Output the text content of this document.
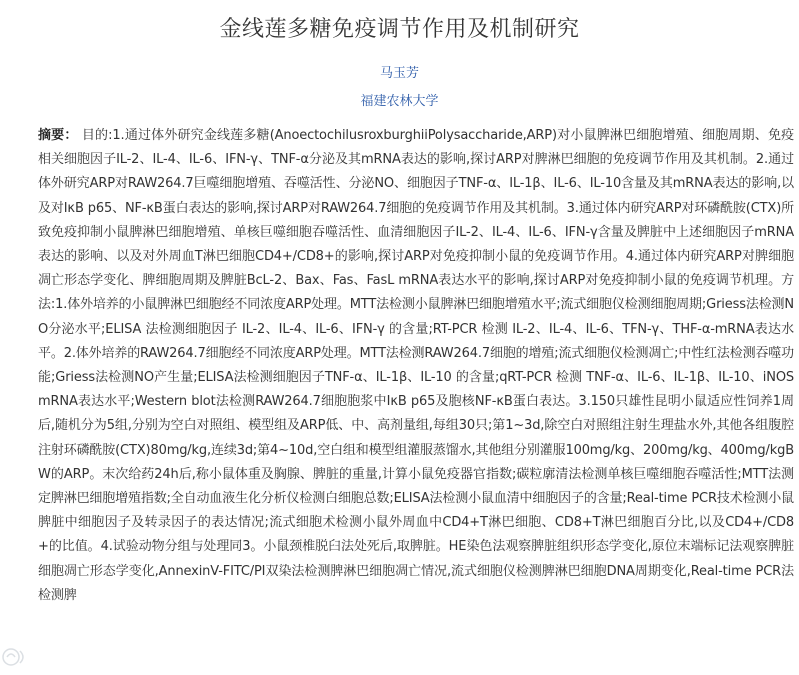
金线莲多糖免疫调节作用及机制研究
马玉芳
福建农林大学
摘要： 目的:1.通过体外研究金线莲多糖(AnoectochilusroxburghiiPolysaccharide,ARP)对小鼠脾淋巴细胞增殖、细胞周期、免疫相关细胞因子IL-2、IL-4、IL-6、IFN-γ、TNF-α分泌及其mRNA表达的影响,探讨ARP对脾淋巴细胞的免疫调节作用及其机制。2.通过体外研究ARP对RAW264.7巨噬细胞增殖、吞噬活性、分泌NO、细胞因子TNF-α、IL-1β、IL-6、IL-10含量及其mRNA表达的影响,以及对IκB p65、NF-κB蛋白表达的影响,探讨ARP对RAW264.7细胞的免疫调节作用及其机制。3.通过体内研究ARP对环磷酰胺(CTX)所致免疫抑制小鼠脾淋巴细胞增殖、单核巨噬细胞吞噬活性、血清细胞因子IL-2、IL-4、IL-6、IFN-γ含量及脾脏中上述细胞因子mRNA表达的影响、以及对外周血T淋巴细胞CD4+/CD8+的影响,探讨ARP对免疫抑制小鼠的免疫调节作用。4.通过体内研究ARP对脾细胞凋亡形态学变化、脾细胞周期及脾脏BcL-2、Bax、Fas、FasL mRNA表达水平的影响,探讨ARP对免疫抑制小鼠的免疫调节机理。方法:1.体外培养的小鼠脾淋巴细胞经不同浓度ARP处理。MTT法检测小鼠脾淋巴细胞增殖水平;流式细胞仪检测细胞周期;Griess法检测NO分泌水平;ELISA 法检测细胞因子 IL-2、IL-4、IL-6、IFN-γ 的含量;RT-PCR 检测 IL-2、IL-4、IL-6、TFN-γ、THF-α-mRNA表达水平。2.体外培养的RAW264.7细胞经不同浓度ARP处理。MTT法检测RAW264.7细胞的增殖;流式细胞仪检测凋亡;中性红法检测吞噬功能;Griess法检测NO产生量;ELISA法检测细胞因子TNF-α、IL-1β、IL-10 的含量;qRT-PCR 检测 TNF-α、IL-6、IL-1β、IL-10、iNOS mRNA表达水平;Western blot法检测RAW264.7细胞胞浆中IκB p65及胞核NF-κB蛋白表达。3.150只雄性昆明小鼠适应性饲养1周后,随机分为5组,分别为空白对照组、模型组及ARP低、中、高剂量组,每组30只;第1~3d,除空白对照组注射生理盐水外,其他各组腹腔注射环磷酰胺(CTX)80mg/kg,连续3d;第4~10d,空白组和模型组灌服蒸馏水,其他组分别灌服100mg/kg、200mg/kg、400mg/kgBW的ARP。末次给药24h后,称小鼠体重及胸腺、脾脏的重量,计算小鼠免疫器官指数;碳粒廓清法检测单核巨噬细胞吞噬活性;MTT法测定脾淋巴细胞增殖指数;全自动血液生化分析仪检测白细胞总数;ELISA法检测小鼠血清中细胞因子的含量;Real-time PCR技术检测小鼠脾脏中细胞因子及转录因子的表达情况;流式细胞术检测小鼠外周血中CD4+T淋巴细胞、CD8+T淋巴细胞百分比,以及CD4+/CD8+的比值。4.试验动物分组与处理同3。小鼠颈椎脱臼法处死后,取脾脏。HE染色法观察脾脏组织形态学变化,原位末端标记法观察脾脏细胞凋亡形态学变化,AnnexinV-FITC/PI双染法检测脾淋巴细胞凋亡情况,流式细胞仪检测脾淋巴细胞DNA周期变化,Real-time PCR法检测脾
